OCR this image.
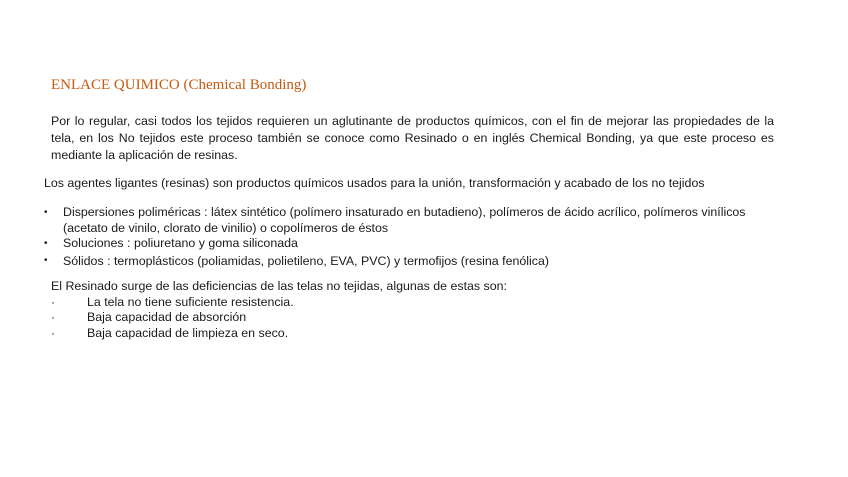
ENLACE QUIMICO (Chemical Bonding)
Por lo regular, casi todos los tejidos requieren un aglutinante de productos químicos, con el fin de mejorar las propiedades de la tela, en los No tejidos este proceso también se conoce como Resinado o en inglés Chemical Bonding, ya que este proceso es mediante la aplicación de resinas.
Los agentes ligantes (resinas) son productos químicos usados para la unión, transformación y acabado de los no tejidos
• Dispersiones poliméricas : látex sintético (polímero insaturado en butadieno), polímeros de ácido acrílico, polímeros vinílicos (acetato de vinilo, clorato de vinilio) o copolímeros de éstos
• Soluciones : poliuretano y goma siliconada
• Sólidos : termoplásticos (poliamidas, polietileno, EVA, PVC) y termofijos (resina fenólica)
El Resinado surge de las deficiencias de las telas no tejidas, algunas de estas son:
·	La tela no tiene suficiente resistencia.
·	Baja capacidad de absorción
·	Baja capacidad de limpieza en seco.
